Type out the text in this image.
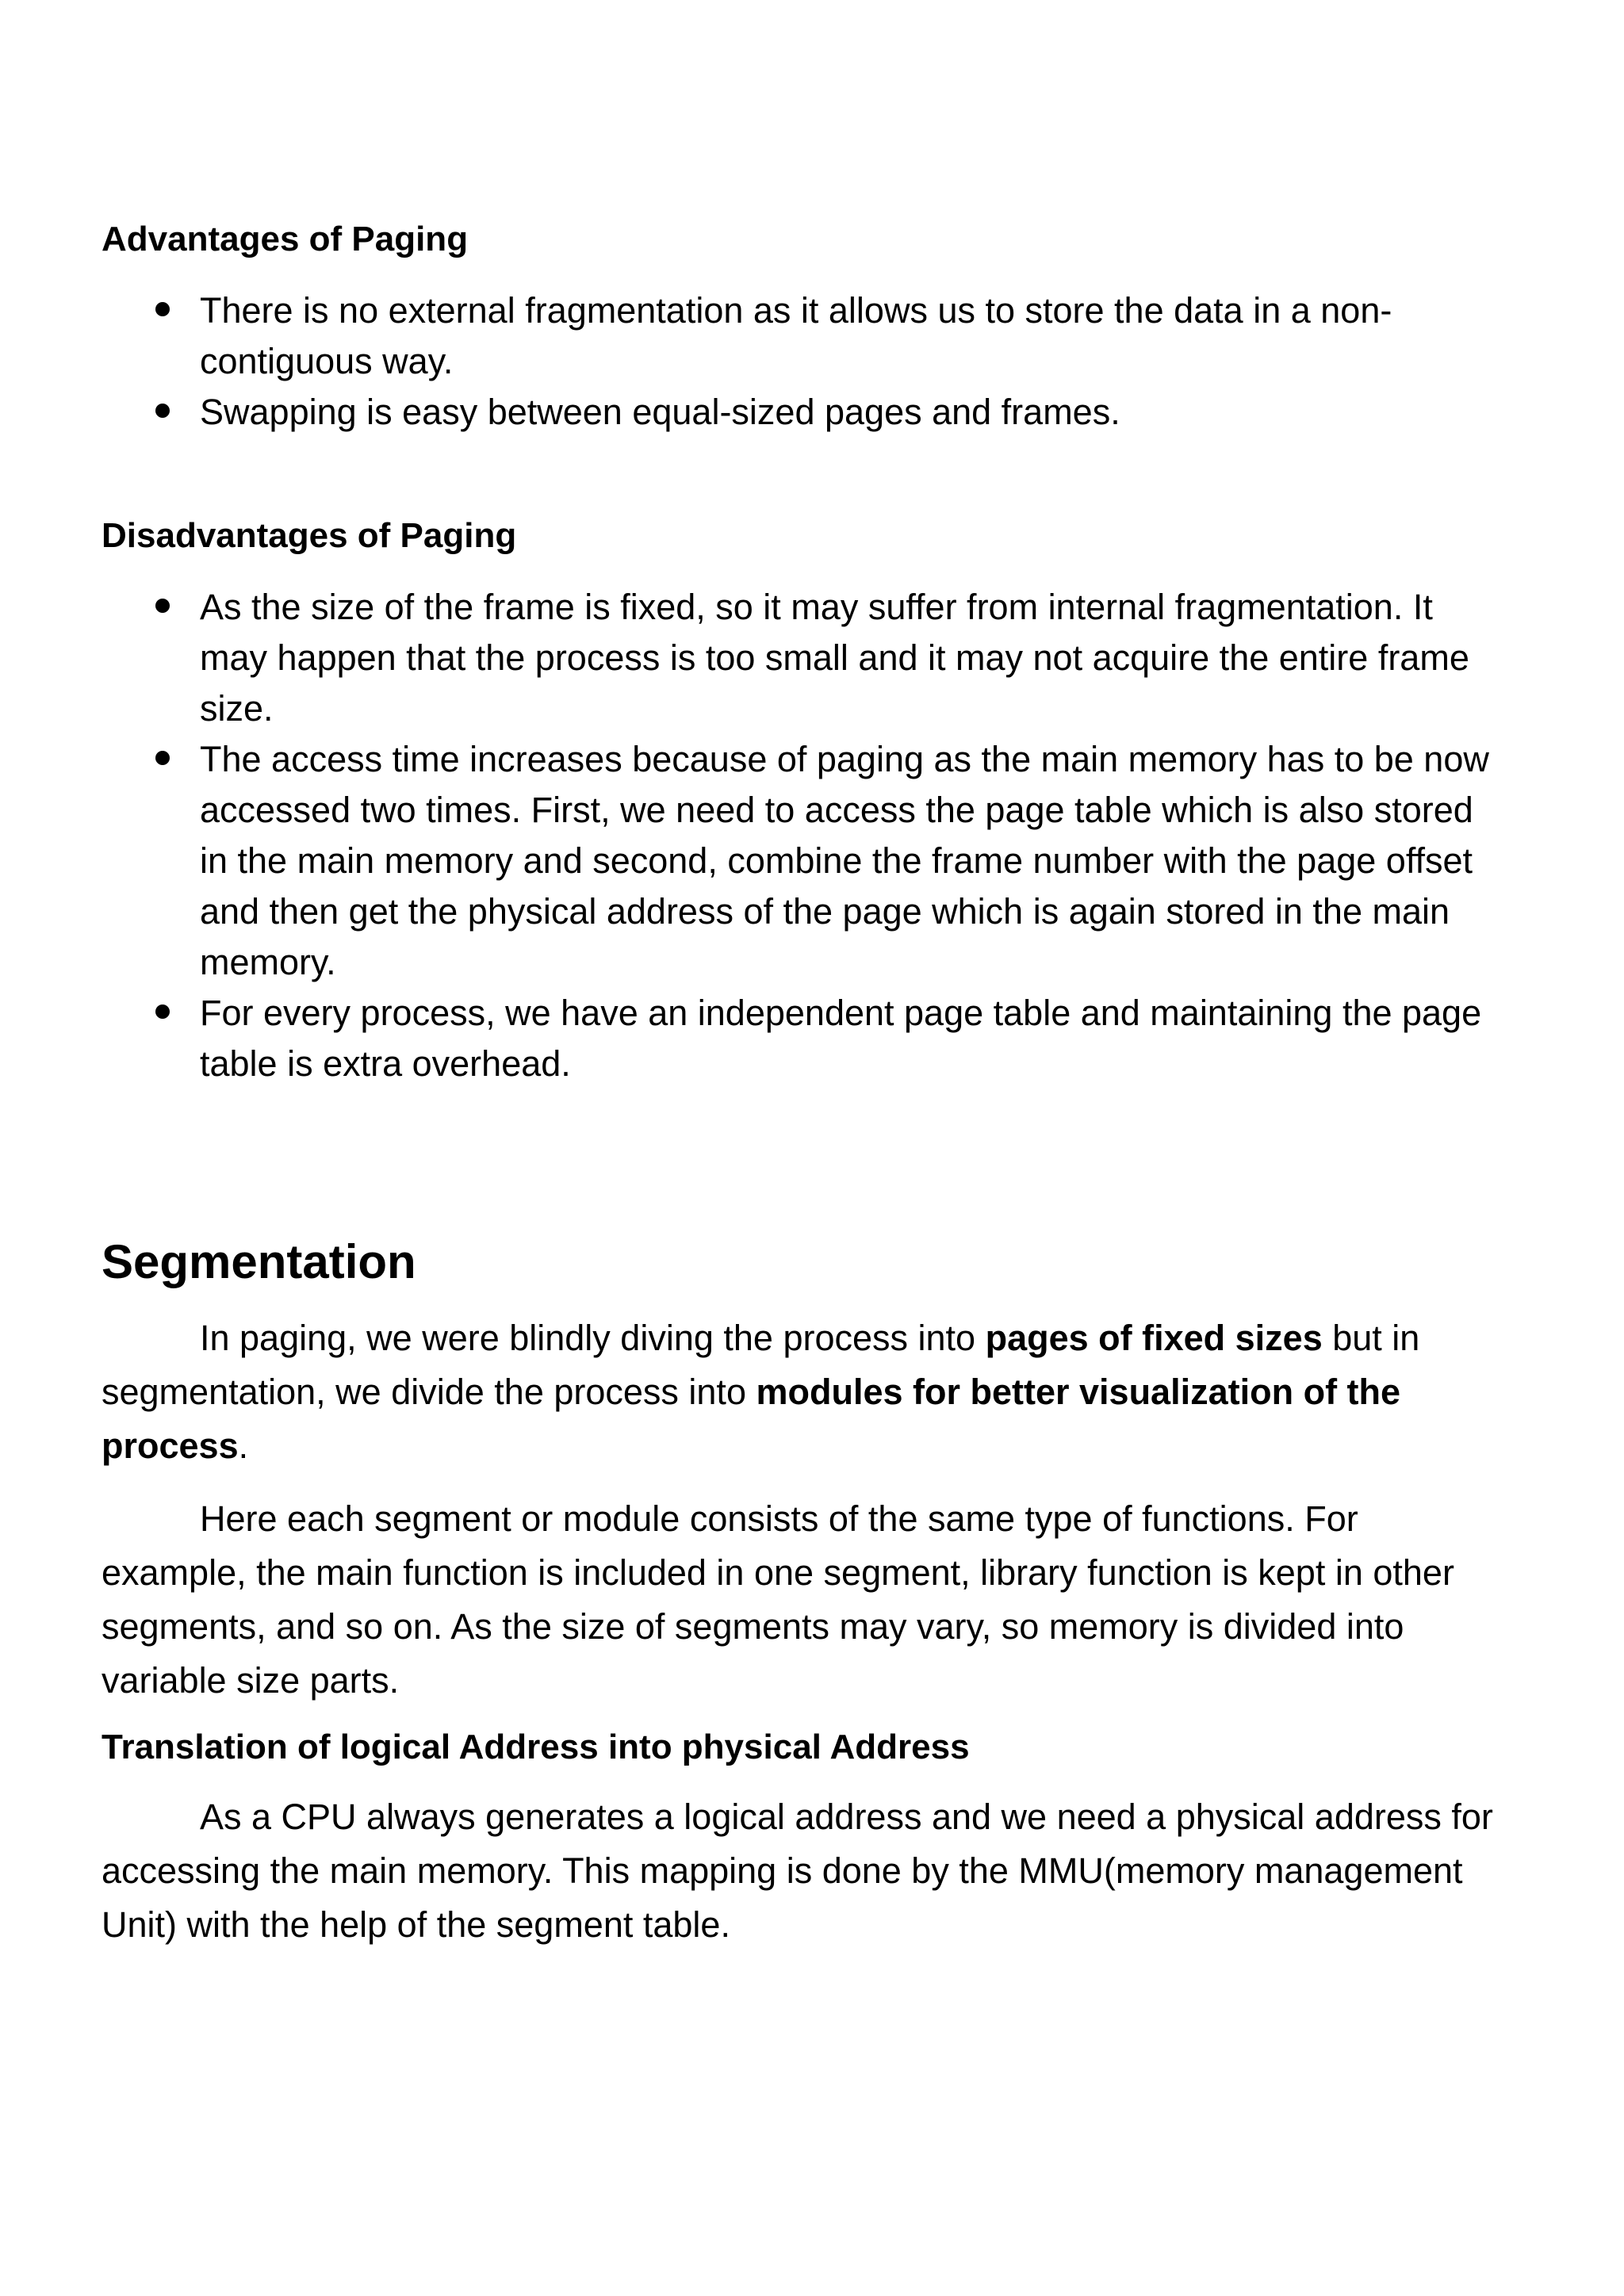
Advantages of Paging
There is no external fragmentation as it allows us to store the data in a non-contiguous way.
Swapping is easy between equal-sized pages and frames.
Disadvantages of Paging
As the size of the frame is fixed, so it may suffer from internal fragmentation. It may happen that the process is too small and it may not acquire the entire frame size.
The access time increases because of paging as the main memory has to be now accessed two times. First, we need to access the page table which is also stored in the main memory and second, combine the frame number with the page offset and then get the physical address of the page which is again stored in the main memory.
For every process, we have an independent page table and maintaining the page table is extra overhead.
Segmentation

In paging, we were blindly diving the process into pages of fixed sizes but in segmentation, we divide the process into modules for better visualization of the process.

Here each segment or module consists of the same type of functions. For example, the main function is included in one segment, library function is kept in other segments, and so on. As the size of segments may vary, so memory is divided into variable size parts.

Translation of logical Address into physical Address

As a CPU always generates a logical address and we need a physical address for accessing the main memory. This mapping is done by the MMU(memory management Unit) with the help of the segment table.
